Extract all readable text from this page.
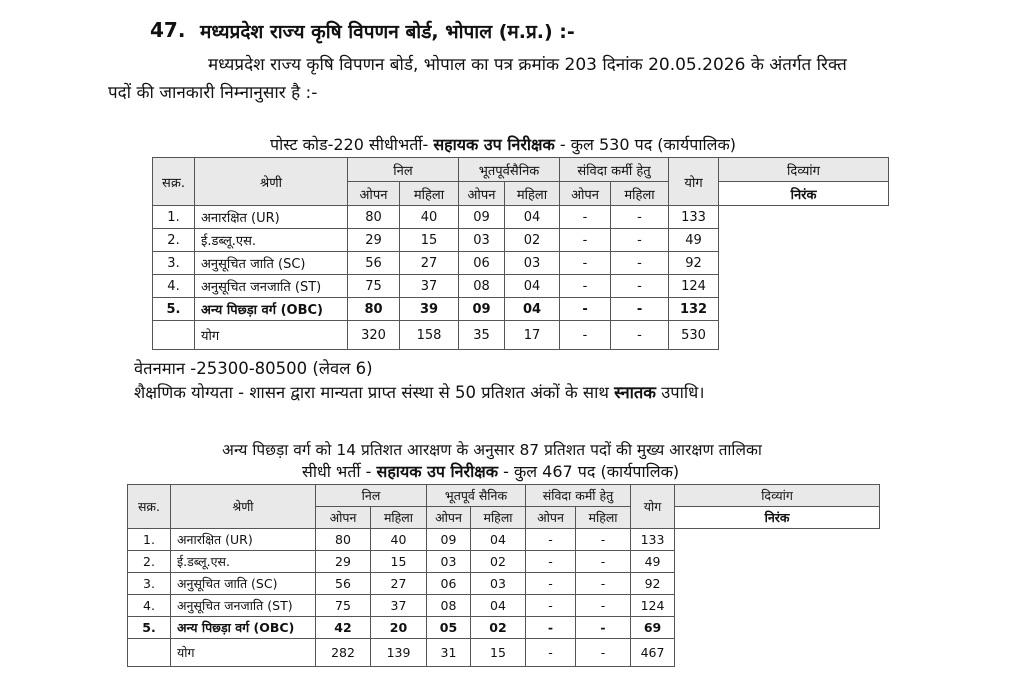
47. मध्यप्रदेश राज्य कृषि विपणन बोर्ड, भोपाल (म.प्र.) :-
मध्यप्रदेश राज्य कृषि विपणन बोर्ड, भोपाल का पत्र क्रमांक 203 दिनांक 20.05.2026 के अंतर्गत रिक्त
पदों की जानकारी निम्नानुसार है :-
पोस्ट कोड-220 सीधीभर्ती- सहायक उप निरीक्षक - कुल 530 पद (कार्यपालिक)
सक्र.	श्रेणी	निल		भूतपूर्वसैनिक		संविदा कर्मी हेतु		योग	दिव्यांग
		ओपन	महिला	ओपन	महिला	ओपन	महिला		निरंक
1.	अनारक्षित (UR)	80	40	09	04	-	-	133	
2.	ई.डब्लू.एस.	29	15	03	02	-	-	49	
3.	अनुसूचित जाति (SC)	56	27	06	03	-	-	92	
4.	अनुसूचित जनजाति (ST)	75	37	08	04	-	-	124	
5.	अन्य पिछ्ड़ा वर्ग (OBC)	80	39	09	04	-	-	132	
	योग	320	158	35	17	-	-	530	
वेतनमान -25300-80500 (लेवल 6)
शैक्षणिक योग्यता - शासन द्वारा मान्यता प्राप्त संस्था से 50 प्रतिशत अंकों के साथ स्नातक उपाधि।
अन्य पिछड़ा वर्ग को 14 प्रतिशत आरक्षण के अनुसार 87 प्रतिशत पदों की मुख्य आरक्षण तालिका
सीधी भर्ती - सहायक उप निरीक्षक - कुल 467 पद (कार्यपालिक)
सक्र.	श्रेणी	निल		भूतपूर्व सैनिक		संविदा कर्मी हेतु		योग	दिव्यांग
		ओपन	महिला	ओपन	महिला	ओपन	महिला		निरंक
1.	अनारक्षित (UR)	80	40	09	04	-	-	133	
2.	ई.डब्लू.एस.	29	15	03	02	-	-	49	
3.	अनुसूचित जाति (SC)	56	27	06	03	-	-	92	
4.	अनुसूचित जनजाति (ST)	75	37	08	04	-	-	124	
5.	अन्य पिछ्ड़ा वर्ग (OBC)	42	20	05	02	-	-	69	
	योग	282	139	31	15	-	-	467	
